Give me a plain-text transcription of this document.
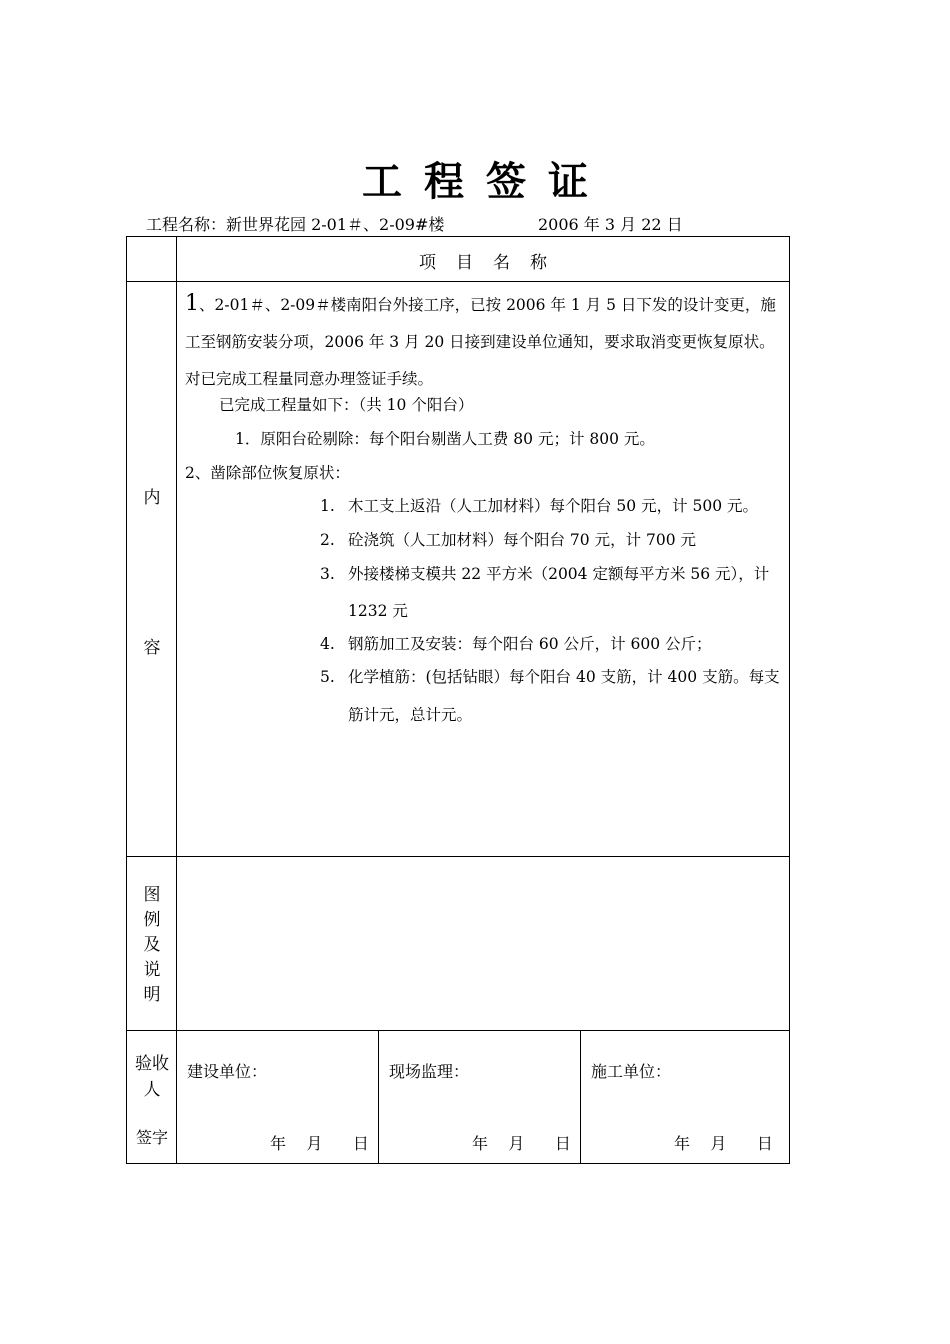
工程签证
工程名称：新世界花园 2-01＃、2-09#楼	2006 年 3 月 22 日
项目名称
内
容

1、2-01＃、2-09＃楼南阳台外接工序，已按 2006 年 1 月 5 日下发的设计变更，施工至钢筋安装分项，2006 年 3 月 20 日接到建设单位通知，要求取消变更恢复原状。对已完成工程量同意办理签证手续。

已完成工程量如下：（共 10 个阳台）
1．原阳台砼剔除：每个阳台剔凿人工费 80 元；计 800 元。
2、凿除部位恢复原状：
1. 木工支上返沿（人工加材料）每个阳台 50 元，计 500 元。
2. 砼浇筑（人工加材料）每个阳台 70 元，计 700 元
3. 外接楼梯支模共 22 平方米（2004 定额每平方米 56 元），计
1232 元
4. 钢筋加工及安装：每个阳台 60 公斤，计 600 公斤；
5. 化学植筋：(包括钻眼）每个阳台 40 支筋，计 400 支筋。每支
筋计元，总计元。
图
例
及
说
明
验收
人
签字
建设单位：
年 月 日
现场监理：
年 月 日
施工单位：
年 月 日
